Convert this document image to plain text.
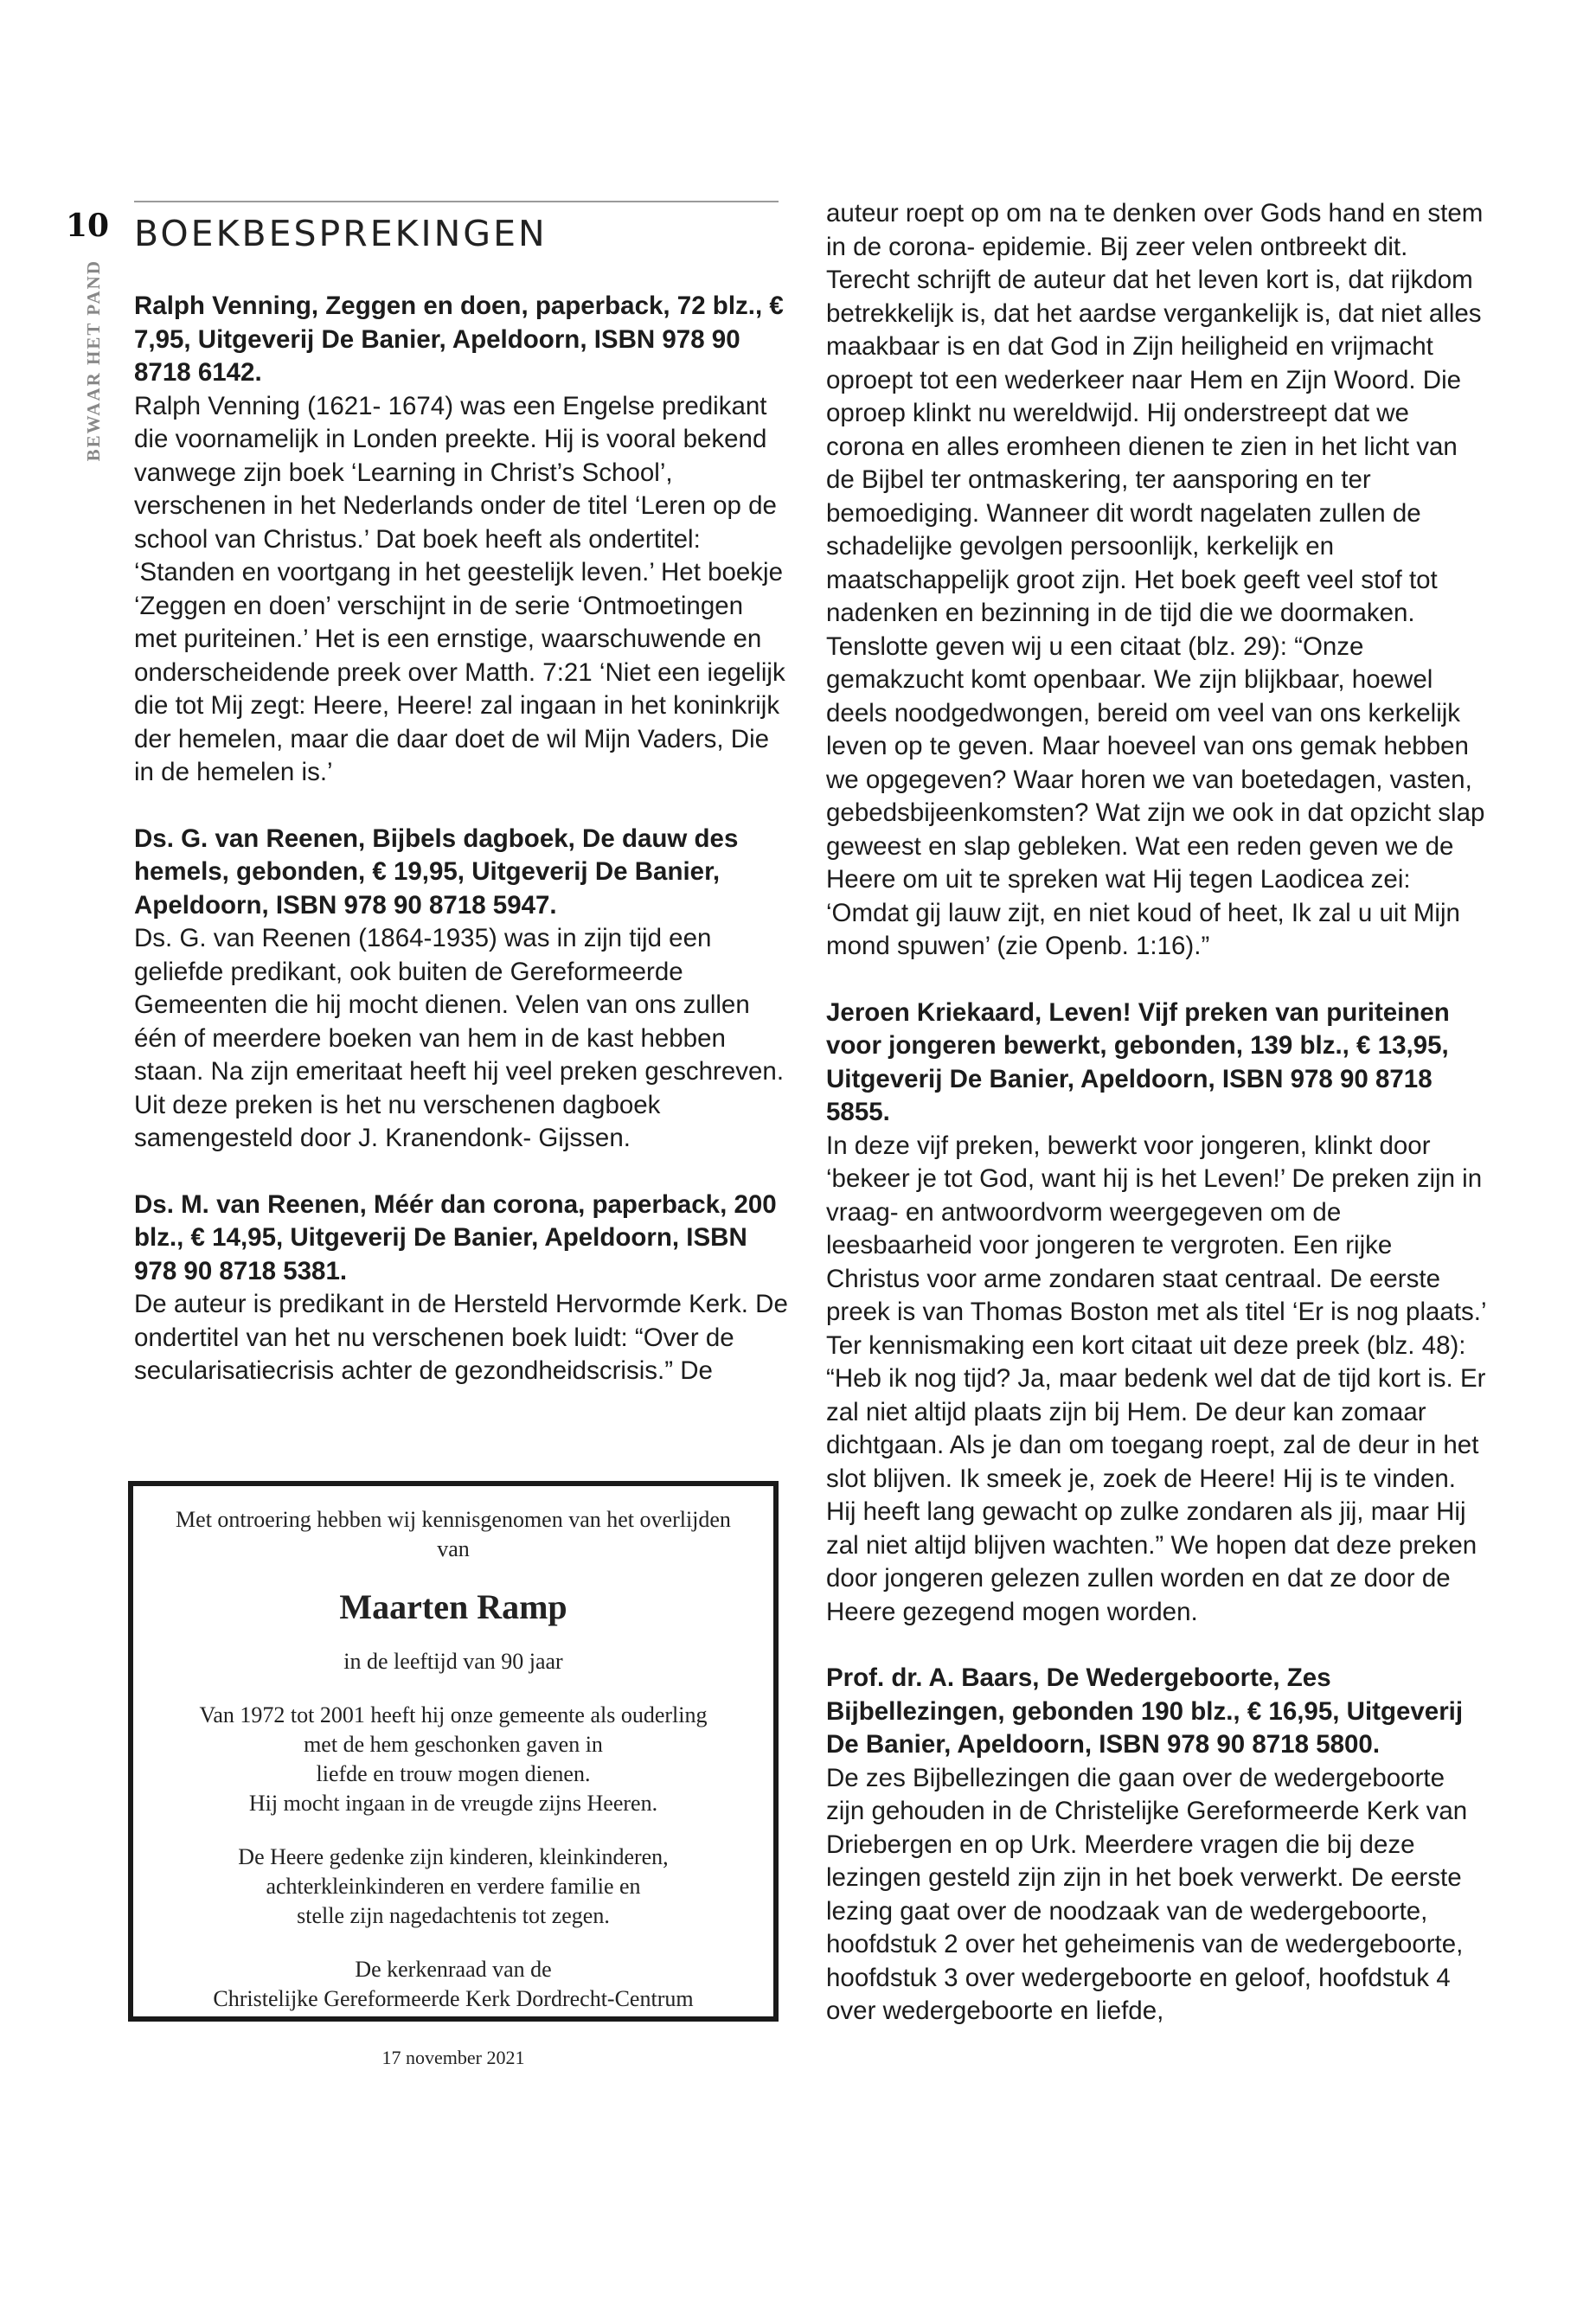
10
BEWAAR HET PAND
BOEKBESPREKINGEN
Ralph Venning, Zeggen en doen, paperback, 72 blz., € 7,95, Uitgeverij De Banier, Apeldoorn, ISBN 978 90 8718 6142.
Ralph Venning (1621- 1674) was een Engelse predikant die voornamelijk in Londen preekte. Hij is vooral bekend vanwege zijn boek ‘Learning in Christ’s School’, verschenen in het Nederlands onder de titel ‘Leren op de school van Christus.’ Dat boek heeft als ondertitel: ‘Standen en voortgang in het geestelijk leven.’ Het boekje ‘Zeggen en doen’ verschijnt in de serie ‘Ontmoetingen met puriteinen.’ Het is een ernstige, waarschuwende en onderscheidende preek over Matth. 7:21 ‘Niet een iegelijk die tot Mij zegt: Heere, Heere! zal ingaan in het koninkrijk der hemelen, maar die daar doet de wil Mijn Vaders, Die in de hemelen is.’
Ds. G. van Reenen, Bijbels dagboek, De dauw des hemels, gebonden, € 19,95, Uitgeverij De Banier, Apeldoorn, ISBN 978 90 8718 5947.
Ds. G. van Reenen (1864-1935) was in zijn tijd een geliefde predikant, ook buiten de Gereformeerde Gemeenten die hij mocht dienen. Velen van ons zullen één of meerdere boeken van hem in de kast hebben staan. Na zijn emeritaat heeft hij veel preken geschreven. Uit deze preken is het nu verschenen dagboek samengesteld door J. Kranendonk- Gijssen.
Ds. M. van Reenen, Méér dan corona, paperback, 200 blz., € 14,95, Uitgeverij De Banier, Apeldoorn, ISBN 978 90 8718 5381.
De auteur is predikant in de Hersteld Hervormde Kerk. De ondertitel van het nu verschenen boek luidt: “Over de secularisatiecrisis achter de gezondheidscrisis.” De

Met ontroering hebben wij kennisgenomen van het overlijden van

Maarten Ramp

in de leeftijd van 90 jaar

Van 1972 tot 2001 heeft hij onze gemeente als ouderling

met de hem geschonken gaven in

liefde en trouw mogen dienen.

Hij mocht ingaan in de vreugde zijns Heeren.

De Heere gedenke zijn kinderen, kleinkinderen,

achterkleinkinderen en verdere familie en

stelle zijn nagedachtenis tot zegen.

De kerkenraad van de

Christelijke Gereformeerde Kerk Dordrecht-Centrum

17 november 2021

auteur roept op om na te denken over Gods hand en stem in de corona- epidemie. Bij zeer velen ontbreekt dit. Terecht schrijft de auteur dat het leven kort is, dat rijkdom betrekkelijk is, dat het aardse vergankelijk is, dat niet alles maakbaar is en dat God in Zijn heiligheid en vrijmacht oproept tot een wederkeer naar Hem en Zijn Woord. Die oproep klinkt nu wereldwijd. Hij onderstreept dat we corona en alles eromheen dienen te zien in het licht van de Bijbel ter ontmaskering, ter aansporing en ter bemoediging. Wanneer dit wordt nagelaten zullen de schadelijke gevolgen persoonlijk, kerkelijk en maatschappelijk groot zijn. Het boek geeft veel stof tot nadenken en bezinning in de tijd die we doormaken. Tenslotte geven wij u een citaat (blz. 29): “Onze gemakzucht komt openbaar. We zijn blijkbaar, hoewel deels noodgedwongen, bereid om veel van ons kerkelijk leven op te geven. Maar hoeveel van ons gemak hebben we opgegeven? Waar horen we van boetedagen, vasten, gebedsbijeenkomsten? Wat zijn we ook in dat opzicht slap geweest en slap gebleken. Wat een reden geven we de Heere om uit te spreken wat Hij tegen Laodicea zei: ‘Omdat gij lauw zijt, en niet koud of heet, Ik zal u uit Mijn mond spuwen’ (zie Openb. 1:16).”
Jeroen Kriekaard, Leven! Vijf preken van puriteinen voor jongeren bewerkt, gebonden, 139 blz., € 13,95, Uitgeverij De Banier, Apeldoorn, ISBN 978 90 8718 5855.
In deze vijf preken, bewerkt voor jongeren, klinkt door ‘bekeer je tot God, want hij is het Leven!’ De preken zijn in vraag- en antwoordvorm weergegeven om de leesbaarheid voor jongeren te vergroten. Een rijke Christus voor arme zondaren staat centraal. De eerste preek is van Thomas Boston met als titel ‘Er is nog plaats.’ Ter kennismaking een kort citaat uit deze preek (blz. 48): “Heb ik nog tijd? Ja, maar bedenk wel dat de tijd kort is. Er zal niet altijd plaats zijn bij Hem. De deur kan zomaar dichtgaan. Als je dan om toegang roept, zal de deur in het slot blijven. Ik smeek je, zoek de Heere! Hij is te vinden. Hij heeft lang gewacht op zulke zondaren als jij, maar Hij zal niet altijd blijven wachten.” We hopen dat deze preken door jongeren gelezen zullen worden en dat ze door de Heere gezegend mogen worden.
Prof. dr. A. Baars, De Wedergeboorte, Zes Bijbellezingen, gebonden 190 blz., € 16,95, Uitgeverij De Banier, Apeldoorn, ISBN 978 90 8718 5800.
De zes Bijbellezingen die gaan over de wedergeboorte zijn gehouden in de Christelijke Gereformeerde Kerk van Driebergen en op Urk. Meerdere vragen die bij deze lezingen gesteld zijn zijn in het boek verwerkt. De eerste lezing gaat over de noodzaak van de wedergeboorte, hoofdstuk 2 over het geheimenis van de wedergeboorte, hoofdstuk 3 over wedergeboorte en geloof, hoofdstuk 4 over wedergeboorte en liefde,
